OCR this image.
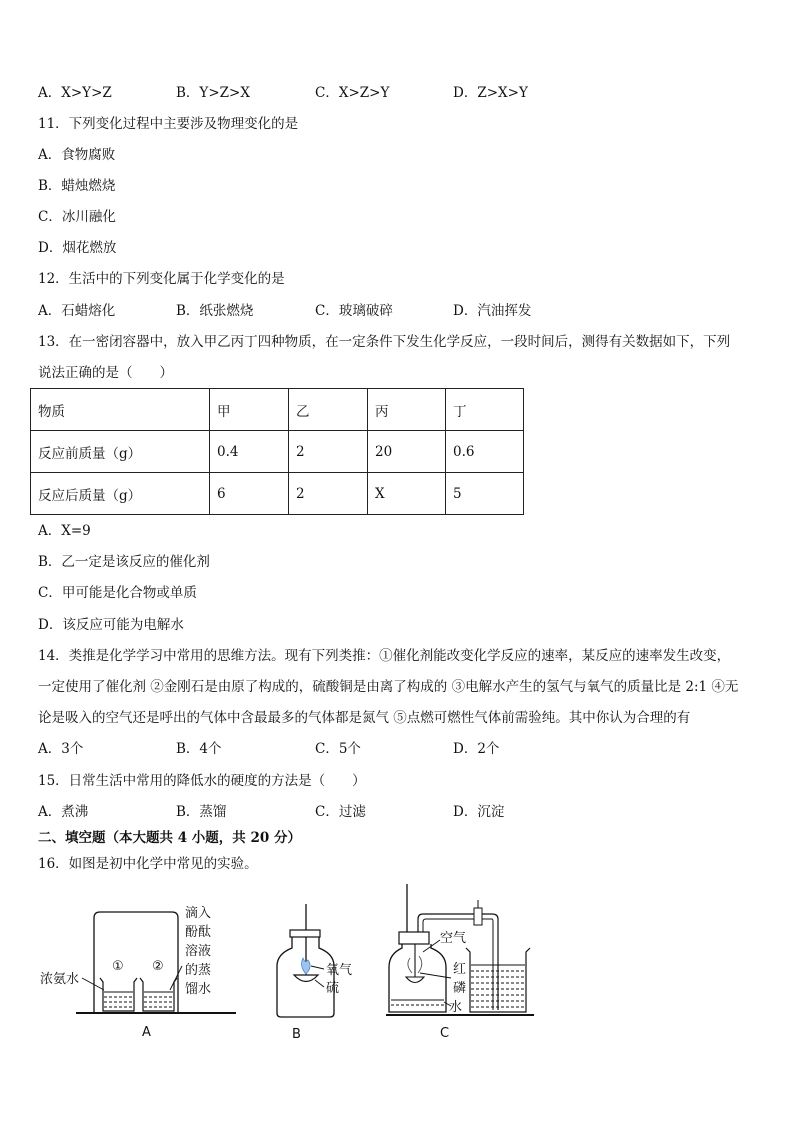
A．X>Y>Z	B．Y>Z>X	C．X>Z>Y	D．Z>X>Y
11．下列变化过程中主要涉及物理变化的是
A．食物腐败
B．蜡烛燃烧
C．冰川融化
D．烟花燃放
12．生活中的下列变化属于化学变化的是
A．石蜡熔化	B．纸张燃烧	C．玻璃破碎	D．汽油挥发
13．在一密闭容器中，放入甲乙丙丁四种物质，在一定条件下发生化学反应，一段时间后，测得有关数据如下，下列
说法正确的是（　　）
物质	甲	乙	丙	丁
反应前质量（g）	0.4	2	20	0.6
反应后质量（g）	6	2	X	5
A．X=9
B．乙一定是该反应的催化剂
C．甲可能是化合物或单质
D．该反应可能为电解水
14．类推是化学学习中常用的思维方法。现有下列类推：①催化剂能改变化学反应的速率，某反应的速率发生改变，
一定使用了催化剂 ②金刚石是由原了构成的，硫酸铜是由离了构成的 ③电解水产生的氢气与氧气的质量比是 2:1 ④无
论是吸入的空气还是呼出的气体中含最最多的气体都是氮气 ⑤点燃可燃性气体前需验纯。其中你认为合理的有
A．3个	B．4个	C．5个	D．2个
15．日常生活中常用的降低水的硬度的方法是（　　）
A．煮沸	B．蒸馏	C．过滤	D．沉淀
二、填空题（本大题共 4 小题，共 20 分）
16．如图是初中化学中常见的实验。
浓氨水
① ②
滴入
酚酞
溶液
的蒸
馏水
A
氧气
硫
B
空气
红
磷
水
C
